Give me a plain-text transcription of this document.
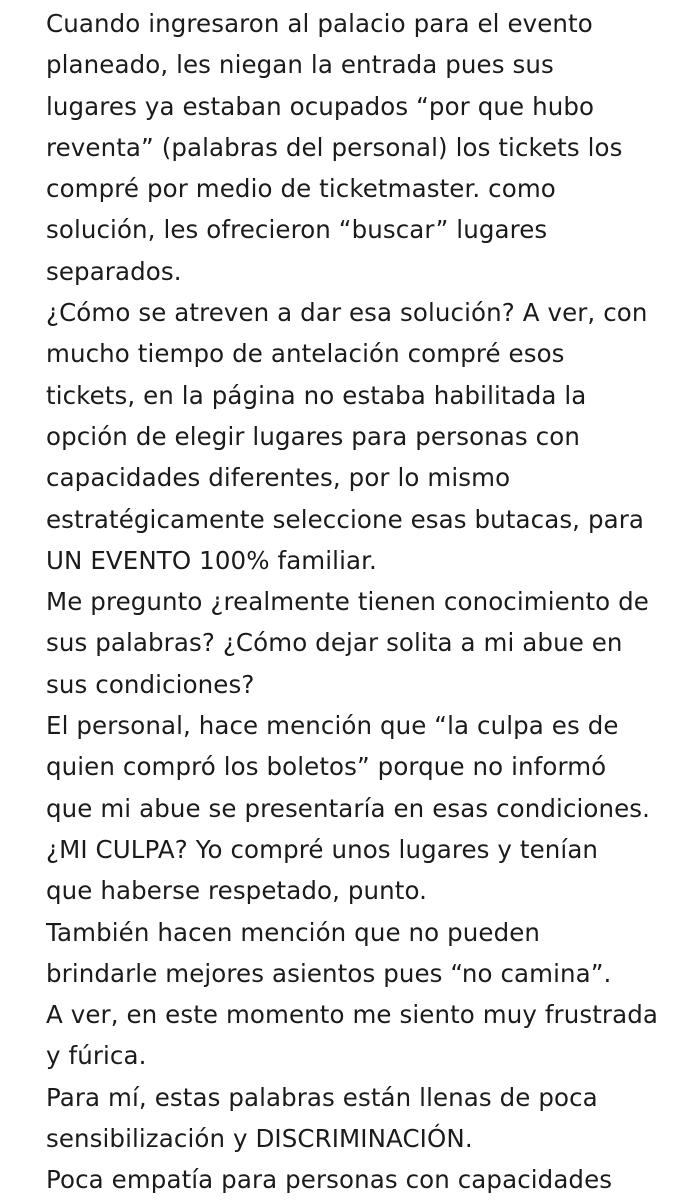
Cuando ingresaron al palacio para el evento
planeado, les niegan la entrada pues sus
lugares ya estaban ocupados “por que hubo
reventa” (palabras del personal) los tickets los
compré por medio de ticketmaster. como
solución, les ofrecieron “buscar” lugares
separados.
¿Cómo se atreven a dar esa solución? A ver, con
mucho tiempo de antelación compré esos
tickets, en la página no estaba habilitada la
opción de elegir lugares para personas con
capacidades diferentes, por lo mismo
estratégicamente seleccione esas butacas, para
UN EVENTO 100% familiar.
Me pregunto ¿realmente tienen conocimiento de
sus palabras? ¿Cómo dejar solita a mi abue en
sus condiciones?
El personal, hace mención que “la culpa es de
quien compró los boletos” porque no informó
que mi abue se presentaría en esas condiciones.
¿MI CULPA? Yo compré unos lugares y tenían
que haberse respetado, punto.
También hacen mención que no pueden
brindarle mejores asientos pues “no camina”.
A ver, en este momento me siento muy frustrada
y fúrica.
Para mí, estas palabras están llenas de poca
sensibilización y DISCRIMINACIÓN.
Poca empatía para personas con capacidades
